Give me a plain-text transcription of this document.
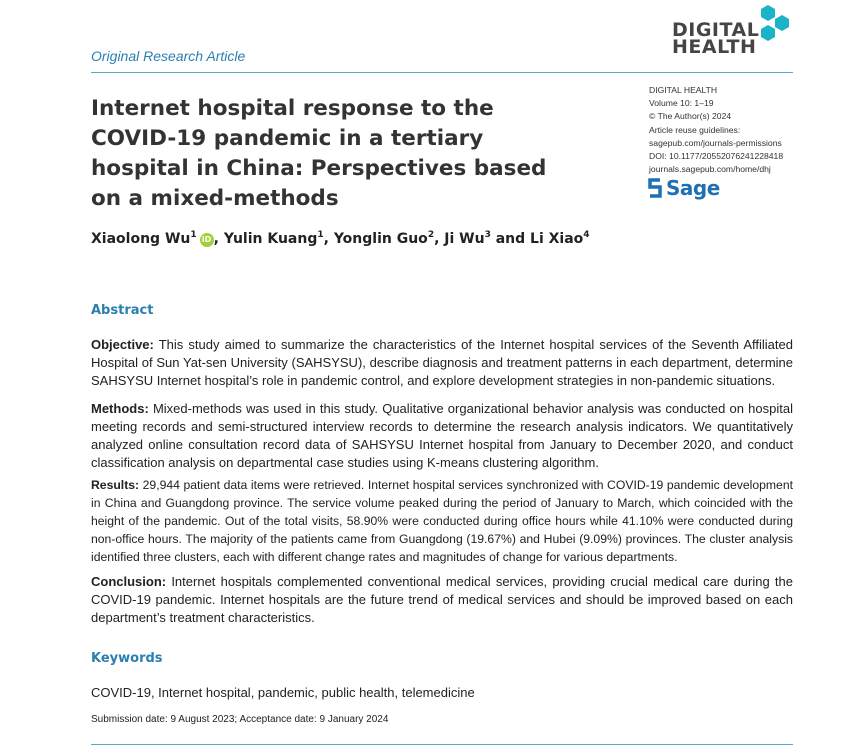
Original Research Article
DIGITAL
HEALTH
Internet hospital response to the COVID-19 pandemic in a tertiary hospital in China: Perspectives based on a mixed-methods
DIGITAL HEALTH
Volume 10: 1–19
© The Author(s) 2024
Article reuse guidelines:
sagepub.com/journals-permissions
DOI: 10.1177/20552076241228418
journals.sagepub.com/home/dhj
Sage
Xiaolong Wu$^1$ iD , Yulin Kuang$^1$, Yonglin Guo$^2$, Ji Wu$^3$ and Li Xiao$^4$
Abstract
Objective: This study aimed to summarize the characteristics of the Internet hospital services of the Seventh Affiliated Hospital of Sun Yat-sen University (SAHSYSU), describe diagnosis and treatment patterns in each department, determine SAHSYSU Internet hospital’s role in pandemic control, and explore development strategies in non-pandemic situations.
Methods: Mixed-methods was used in this study. Qualitative organizational behavior analysis was conducted on hospital meeting records and semi-structured interview records to determine the research analysis indicators. We quantitatively analyzed online consultation record data of SAHSYSU Internet hospital from January to December 2020, and conduct classification analysis on departmental case studies using K-means clustering algorithm.
Results: 29,944 patient data items were retrieved. Internet hospital services synchronized with COVID-19 pandemic development in China and Guangdong province. The service volume peaked during the period of January to March, which coincided with the height of the pandemic. Out of the total visits, 58.90% were conducted during office hours while 41.10% were conducted during non-office hours. The majority of the patients came from Guangdong (19.67%) and Hubei (9.09%) provinces. The cluster analysis identified three clusters, each with different change rates and magnitudes of change for various departments.
Conclusion: Internet hospitals complemented conventional medical services, providing crucial medical care during the COVID-19 pandemic. Internet hospitals are the future trend of medical services and should be improved based on each department’s treatment characteristics.
Keywords
COVID-19, Internet hospital, pandemic, public health, telemedicine
Submission date: 9 August 2023; Acceptance date: 9 January 2024
